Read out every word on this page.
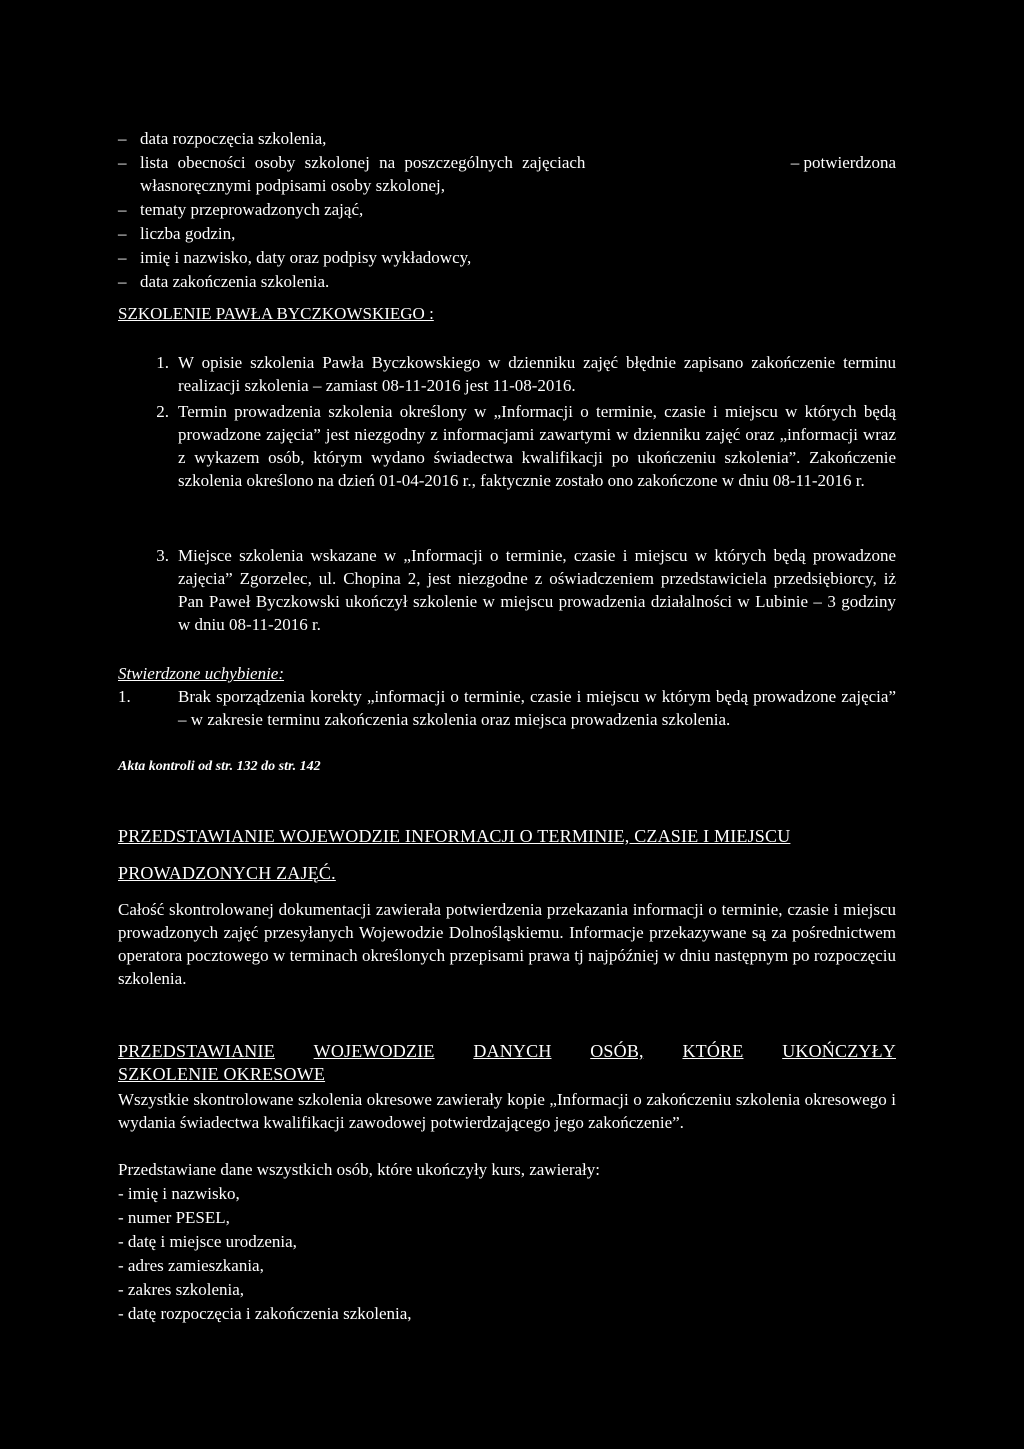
– data rozpoczęcia szkolenia,
– lista obecności osoby szkolonej na poszczególnych zajęciach	– potwierdzona
własnoręcznymi podpisami osoby szkolonej,
– tematy przeprowadzonych zająć,
– liczba godzin,
– imię i nazwisko, daty oraz podpisy wykładowcy,
– data zakończenia szkolenia.
SZKOLENIE PAWŁA BYCZKOWSKIEGO :
1. W opisie szkolenia Pawła Byczkowskiego w dzienniku zajęć błędnie zapisano zakończenie terminu realizacji szkolenia – zamiast 08-11-2016 jest 11-08-2016.
2. Termin prowadzenia szkolenia określony w „Informacji o terminie, czasie i miejscu w których będą prowadzone zajęcia” jest niezgodny z informacjami zawartymi w dzienniku zajęć oraz „informacji wraz z wykazem osób, którym wydano świadectwa kwalifikacji po ukończeniu szkolenia”. Zakończenie szkolenia określono na dzień 01-04-2016 r., faktycznie zostało ono zakończone w dniu 08-11-2016 r.
3. Miejsce szkolenia wskazane w „Informacji o terminie, czasie i miejscu w których będą prowadzone zajęcia” Zgorzelec, ul. Chopina 2, jest niezgodne z oświadczeniem przedstawiciela przedsiębiorcy, iż Pan Paweł Byczkowski ukończył szkolenie w miejscu prowadzenia działalności w Lubinie – 3 godziny w dniu 08-11-2016 r.
Stwierdzone uchybienie:
1.	Brak sporządzenia korekty „informacji o terminie, czasie i miejscu w którym będą prowadzone zajęcia” – w zakresie terminu zakończenia szkolenia oraz miejsca prowadzenia szkolenia.
Akta kontroli od str. 132 do str. 142
PRZEDSTAWIANIE WOJEWODZIE INFORMACJI O TERMINIE, CZASIE I MIEJSCU
PROWADZONYCH ZAJĘĆ.
Całość skontrolowanej dokumentacji zawierała potwierdzenia przekazania informacji o terminie, czasie i miejscu prowadzonych zajęć przesyłanych Wojewodzie Dolnośląskiemu. Informacje przekazywane są za pośrednictwem operatora pocztowego w terminach określonych przepisami prawa tj najpóźniej w dniu następnym po rozpoczęciu szkolenia.
PRZEDSTAWIANIE WOJEWODZIE DANYCH OSÓB, KTÓRE UKOŃCZYŁY
SZKOLENIE OKRESOWE
Wszystkie skontrolowane szkolenia okresowe zawierały kopie „Informacji o zakończeniu szkolenia okresowego i wydania świadectwa kwalifikacji zawodowej potwierdzającego jego zakończenie”.
Przedstawiane dane wszystkich osób, które ukończyły kurs, zawierały:
- imię i nazwisko,
- numer PESEL,
- datę i miejsce urodzenia,
- adres zamieszkania,
- zakres szkolenia,
- datę rozpoczęcia i zakończenia szkolenia,
